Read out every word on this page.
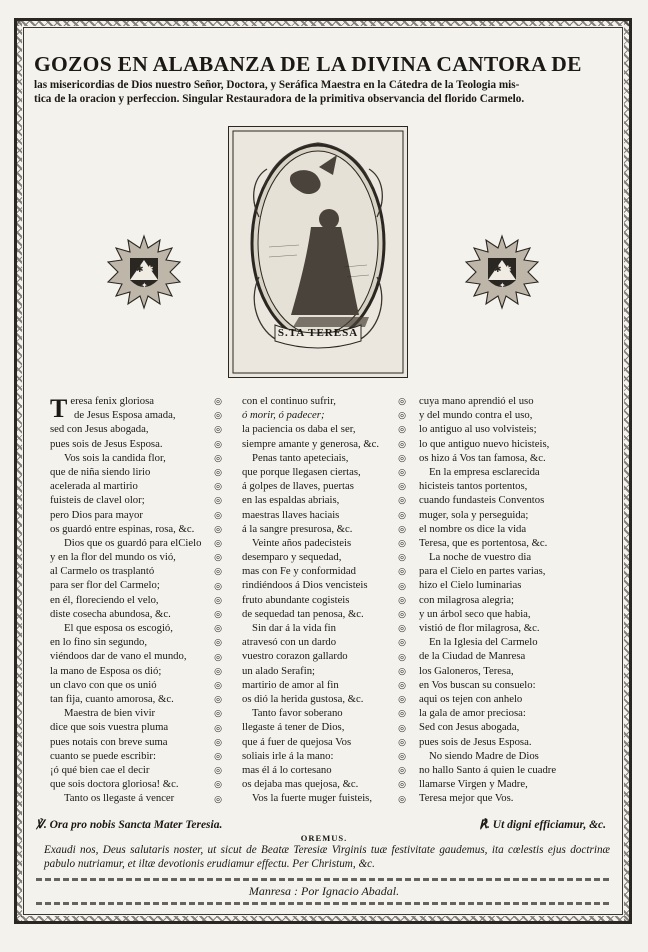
GOZOS EN ALABANZA DE LA DIVINA CANTORA DE
las misericordias de Dios nuestro Señor, Doctora, y Seráfica Maestra en la Cátedra de la Teologia mis-
tica de la oracion y perfeccion. Singular Restauradora de la primitiva observancia del florido Carmelo.
S.TA TERESA
✱ ✱
✦
✱ ✱
✦
Teresa fenix gloriosa
de Jesus Esposa amada,
sed con Jesus abogada,
pues sois de Jesus Esposa.
Vos sois la candida flor,
que de niña siendo lirio
acelerada al martirio
fuisteis de clavel olor;
pero Dios para mayor
os guardó entre espinas, rosa, &c.
Dios que os guardó para elCielo
y en la flor del mundo os vió,
al Carmelo os trasplantó
para ser flor del Carmelo;
en él, floreciendo el velo,
diste cosecha abundosa, &c.
El que esposa os escogió,
en lo fino sin segundo,
viéndoos dar de vano el mundo,
la mano de Esposa os dió;
un clavo con que os unió
tan fija, cuanto amorosa, &c.
Maestra de bien vivir
dice que sois vuestra pluma
pues notais con breve suma
cuanto se puede escribir:
¡ó qué bien cae el decir
que sois doctora gloriosa! &c.
Tanto os llegaste á vencer
◎
◎
◎
◎
◎
◎
◎
◎
◎
◎
◎
◎
◎
◎
◎
◎
◎
◎
◎
◎
◎
◎
◎
◎
◎
◎
◎
◎
◎
con el continuo sufrir,
ó morir, ó padecer;
la paciencia os daba el ser,
siempre amante y generosa, &c.
Penas tanto apeteciais,
que porque llegasen ciertas,
á golpes de llaves, puertas
en las espaldas abriais,
maestras llaves haciais
á la sangre presurosa, &c.
Veinte años padecisteis
desemparo y sequedad,
mas con Fe y conformidad
rindiéndoos á Dios vencisteis
fruto abundante cogisteis
de sequedad tan penosa, &c.
Sin dar á la vida fin
atravesó con un dardo
vuestro corazon gallardo
un alado Serafin;
martirio de amor al fin
os dió la herida gustosa, &c.
Tanto favor soberano
llegaste á tener de Dios,
que á fuer de quejosa Vos
soliais irle á la mano:
mas él á lo cortesano
os dejaba mas quejosa, &c.
Vos la fuerte muger fuisteis,
◎
◎
◎
◎
◎
◎
◎
◎
◎
◎
◎
◎
◎
◎
◎
◎
◎
◎
◎
◎
◎
◎
◎
◎
◎
◎
◎
◎
◎
cuya mano aprendió el uso
y del mundo contra el uso,
lo antiguo al uso volvisteis;
lo que antiguo nuevo hicisteis,
os hizo á Vos tan famosa, &c.
En la empresa esclarecida
hicisteis tantos portentos,
cuando fundasteis Conventos
muger, sola y perseguida;
el nombre os dice la vida
Teresa, que es portentosa, &c.
La noche de vuestro dia
para el Cielo en partes varias,
hizo el Cielo luminarias
con milagrosa alegria;
y un árbol seco que habia,
vistió de flor milagrosa, &c.
En la Iglesia del Carmelo
de la Ciudad de Manresa
los Galoneros, Teresa,
en Vos buscan su consuelo:
aqui os tejen con anhelo
la gala de amor preciosa:
Sed con Jesus abogada,
pues sois de Jesus Esposa.
No siendo Madre de Dios
no hallo Santo á quien le cuadre
llamarse Virgen y Madre,
Teresa mejor que Vos.
℣. Ora pro nobis Sancta Mater Teresia.	℟. Ut digni efficiamur, &c.
OREMUS.
Exaudi nos, Deus salutaris noster, ut sicut de Beatæ Teresiæ Virginis tuæ festivitate gaudemus, ita cœlestis ejus doctrinæ pabulo nutriamur, et iltæ devotionis erudiamur effectu. Per Christum, &c.
Manresa : Por Ignacio Abadal.
